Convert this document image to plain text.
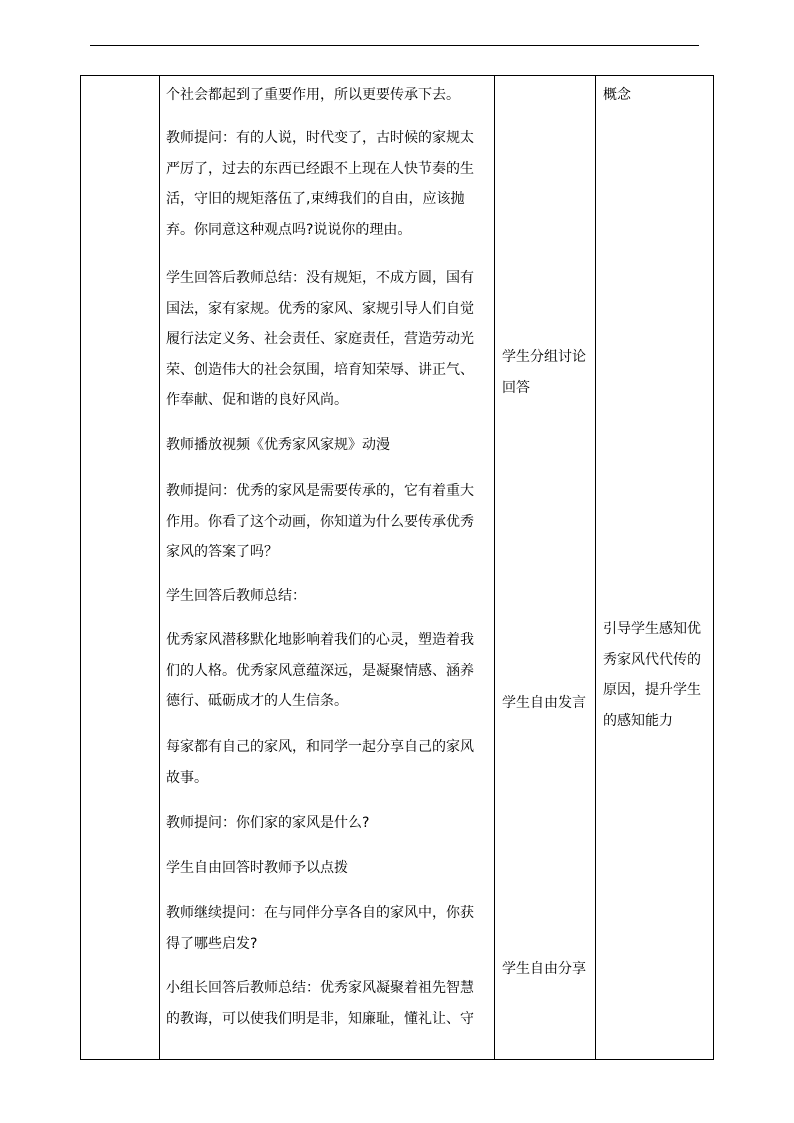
个社会都起到了重要作用，所以更要传承下去。

教师提问：有的人说，时代变了，古时候的家规太
严厉了，过去的东西已经跟不上现在人快节奏的生
活，守旧的规矩落伍了,束缚我们的自由，应该抛
弃。你同意这种观点吗?说说你的理由。

学生回答后教师总结：没有规矩，不成方圆，国有
国法，家有家规。优秀的家风、家规引导人们自觉
履行法定义务、社会责任、家庭责任，营造劳动光
荣、创造伟大的社会氛围，培育知荣辱、讲正气、
作奉献、促和谐的良好风尚。

教师播放视频《优秀家风家规》动漫

教师提问：优秀的家风是需要传承的，它有着重大
作用。你看了这个动画，你知道为什么要传承优秀
家风的答案了吗？

学生回答后教师总结：

优秀家风潜移默化地影响着我们的心灵，塑造着我
们的人格。优秀家风意蕴深远，是凝聚情感、涵养
德行、砥砺成才的人生信条。

每家都有自己的家风，和同学一起分享自己的家风
故事。

教师提问：你们家的家风是什么?

学生自由回答时教师予以点拨

教师继续提问：在与同伴分享各自的家风中，你获
得了哪些启发?

小组长回答后教师总结：优秀家风凝聚着祖先智慧
的教诲，可以使我们明是非，知廉耻，懂礼让、守

学生分组讨论
回答

学生自由发言

学生自由分享

概念

引导学生感知优
秀家风代代传的
原因，提升学生
的感知能力
